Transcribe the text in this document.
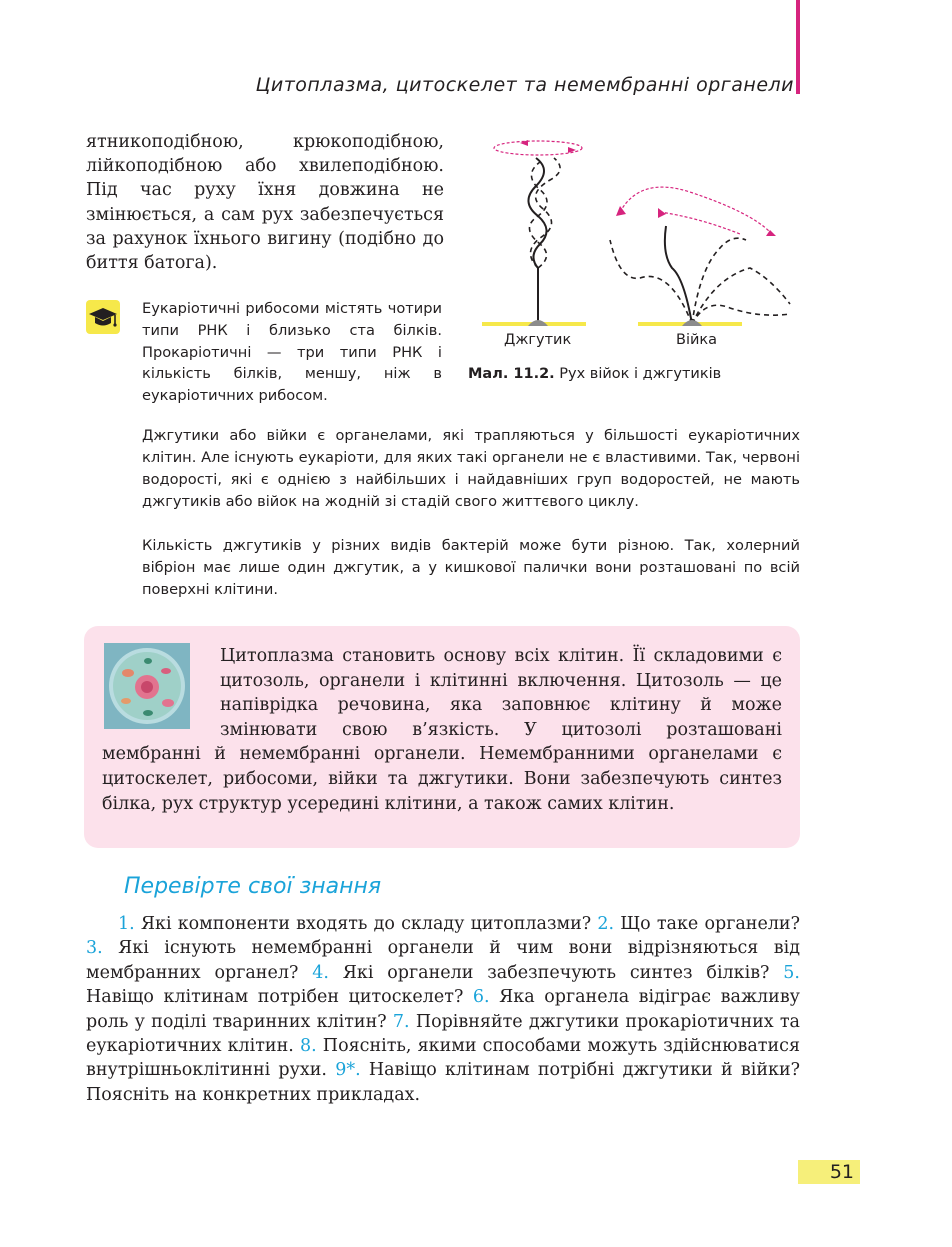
Цитоплазма, цитоскелет та немембранні органели
ятникоподібною, крюкоподібною, лійкоподібною або хвилеподібною. Під час руху їхня довжина не змінюється, а сам рух забезпечується за рахунок їхнього вигину (подібно до биття батога).
Еукаріотичні рибосоми містять чотири типи РНК і близько ста білків. Прокаріотичні — три типи РНК і кількість білків, меншу, ніж в еукаріотичних рибосом.
Джгутик	Війка
Мал. 11.2. Рух війок і джгутиків
Джгутики або війки є органелами, які трапляються у більшості еукаріотичних клітин. Але існують еукаріоти, для яких такі органели не є властивими. Так, червоні водорості, які є однією з найбільших і найдавніших груп водоростей, не мають джгутиків або війок на жодній зі стадій свого життєвого циклу.
Кількість джгутиків у різних видів бактерій може бути різною. Так, холерний вібріон має лише один джгутик, а у кишкової палички вони розташовані по всій поверхні клітини.
Цитоплазма становить основу всіх клітин. Її складовими є цитозоль, органели і клітинні включення. Цитозоль — це напіврідка речовина, яка заповнює клітину й може змінювати свою в’язкість. У цитозолі розташовані мембранні й немембранні органели. Немембранними органелами є цитоскелет, рибосоми, війки та джгутики. Вони забезпечують синтез білка, рух структур усередині клітини, а також самих клітин.
Перевірте свої знання
1. Які компоненти входять до складу цитоплазми? 2. Що таке органели? 3. Які існують немембранні органели й чим вони відрізняються від мембранних органел? 4. Які органели забезпечують синтез білків? 5. Навіщо клітинам потрібен цитоскелет? 6. Яка органела відіграє важливу роль у поділі тваринних клітин? 7. Порівняйте джгутики прокаріотичних та еукаріотичних клітин. 8. Поясніть, якими способами можуть здійснюватися внутрішньоклітинні рухи. 9*. Навіщо клітинам потрібні джгутики й війки? Поясніть на конкретних прикладах.
51
